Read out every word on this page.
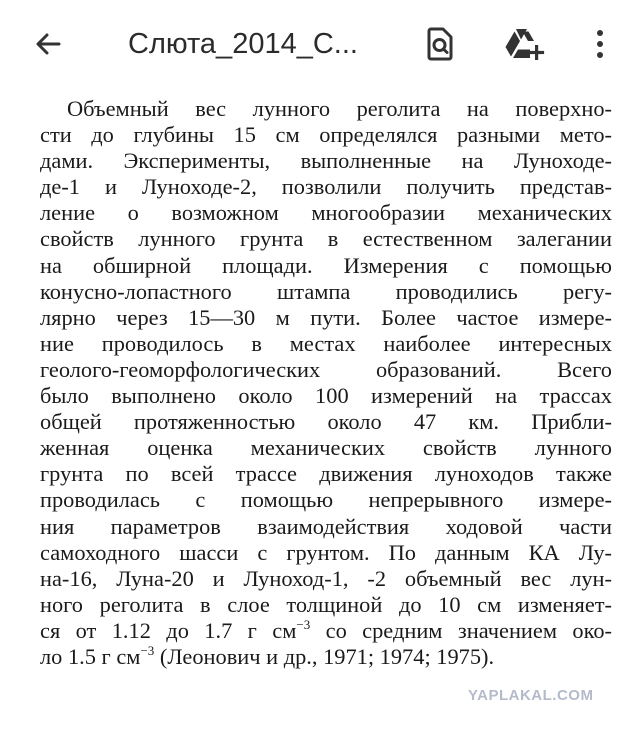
Слюта_2014_С...
Объемный вес лунного реголита на поверхно-
сти до глубины 15 см определялся разными мето-
дами. Эксперименты, выполненные на Луноходе-
де-1 и Луноходе-2, позволили получить представ-
ление о возможном многообразии механических
свойств лунного грунта в естественном залегании
на обширной площади. Измерения с помощью
конусно-лопастного штампа проводились регу-
лярно через 15—30 м пути. Более частое измере-
ние проводилось в местах наиболее интересных
геолого-геоморфологических образований. Всего
было выполнено около 100 измерений на трассах
общей протяженностью около 47 км. Прибли-
женная оценка механических свойств лунного
грунта по всей трассе движения луноходов также
проводилась с помощью непрерывного измере-
ния параметров взаимодействия ходовой части
самоходного шасси с грунтом. По данным КА Лу-
на-16, Луна-20 и Луноход-1, -2 объемный вес лун-
ного реголита в слое толщиной до 10 см изменяет-
ся от 1.12 до 1.7 г $см^{-3}$ со средним значением око-
ло 1.5 г $см^{-3}$ (Леонович и др., 1971; 1974; 1975).
YAPLAKAL.COM
